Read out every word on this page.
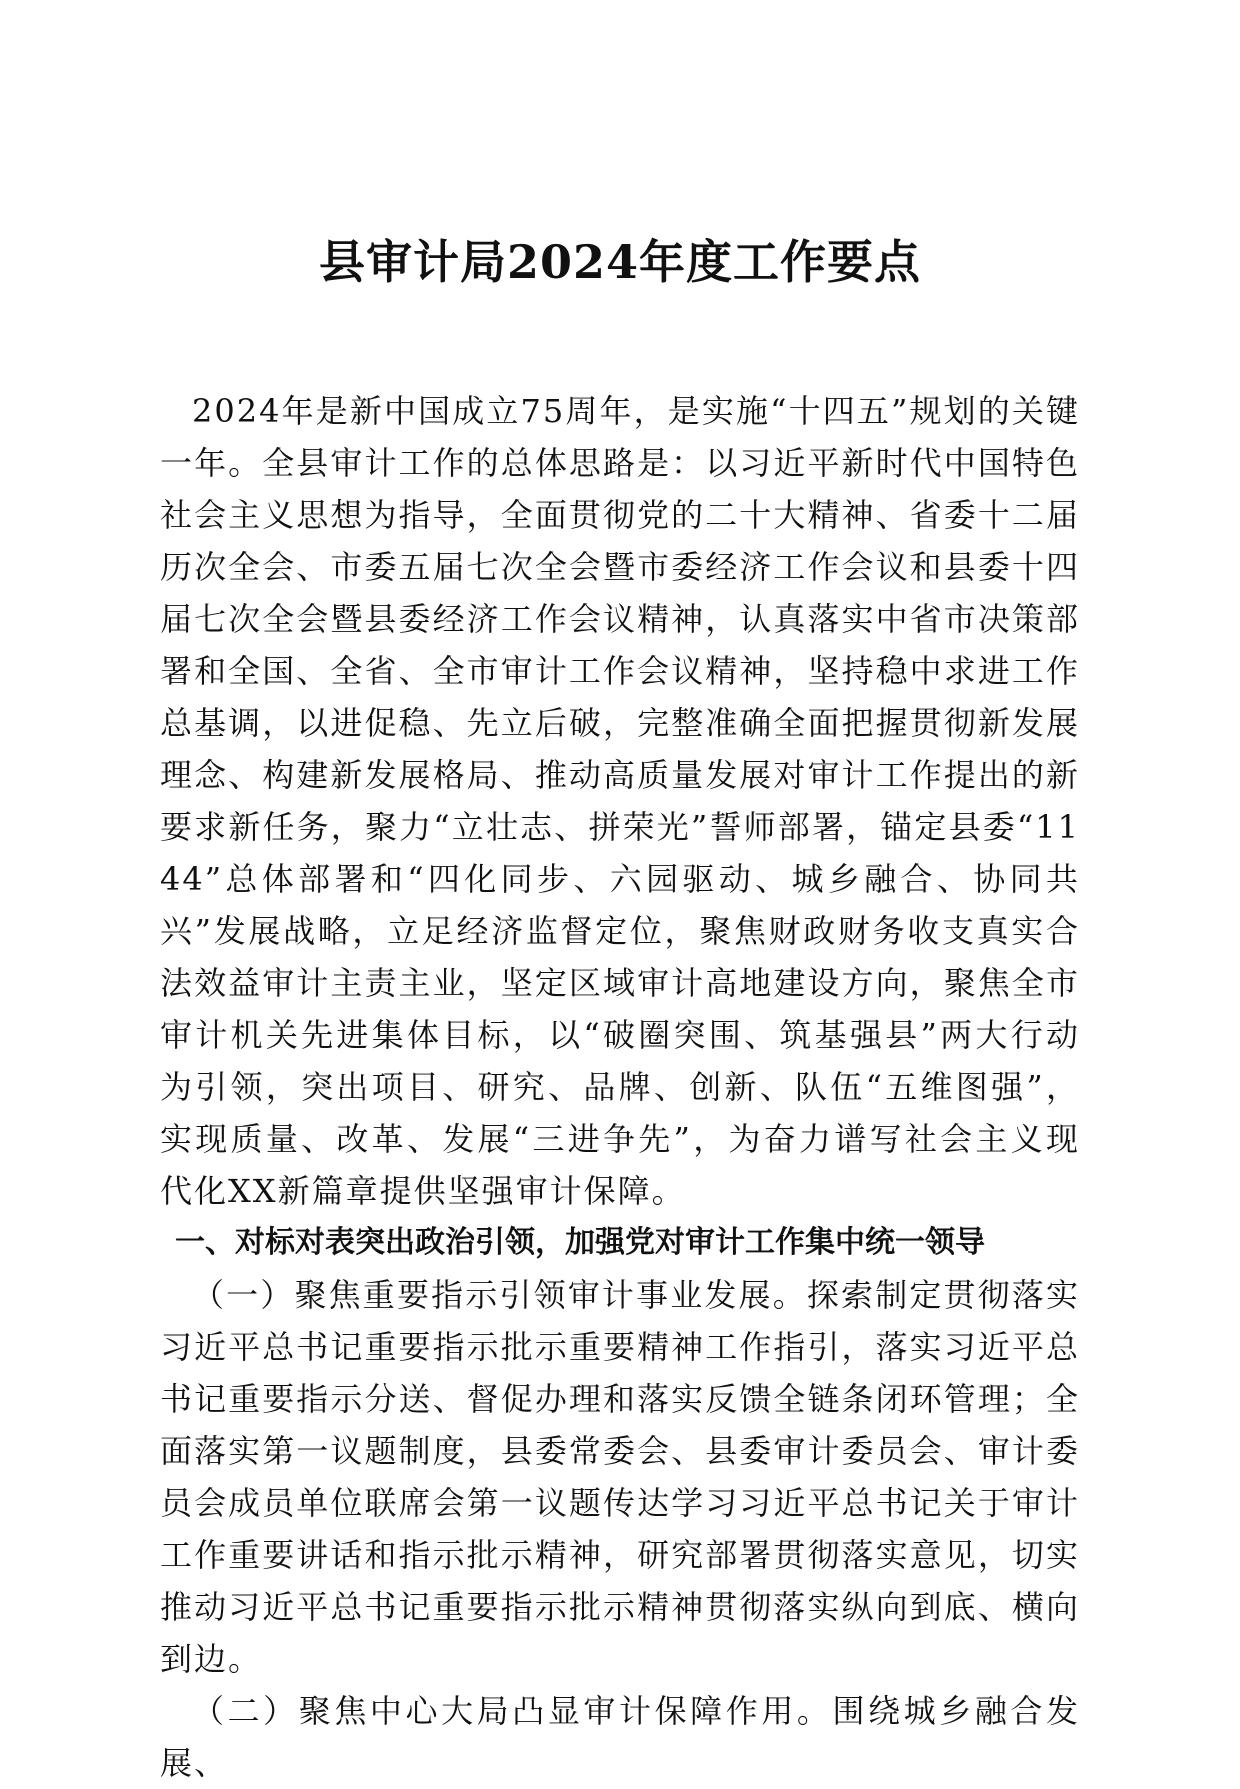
县审计局2024年度工作要点

2024年是新中国成立75周年，是实施“十四五”规划的关键一年。全县审计工作的总体思路是：以习近平新时代中国特色社会主义思想为指导，全面贯彻党的二十大精神、省委十二届历次全会、市委五届七次全会暨市委经济工作会议和县委十四届七次全会暨县委经济工作会议精神，认真落实中省市决策部署和全国、全省、全市审计工作会议精神，坚持稳中求进工作总基调，以进促稳、先立后破，完整准确全面把握贯彻新发展理念、构建新发展格局、推动高质量发展对审计工作提出的新要求新任务，聚力“立壮志、拼荣光”誓师部署，锚定县委“1144”总体部署和“四化同步、六园驱动、城乡融合、协同共兴”发展战略，立足经济监督定位，聚焦财政财务收支真实合法效益审计主责主业，坚定区域审计高地建设方向，聚焦全市审计机关先进集体目标，以“破圈突围、筑基强县”两大行动为引领，突出项目、研究、品牌、创新、队伍“五维图强”，实现质量、改革、发展“三进争先”，为奋力谱写社会主义现代化XX新篇章提供坚强审计保障。

一、对标对表突出政治引领，加强党对审计工作集中统一领导

（一）聚焦重要指示引领审计事业发展。探索制定贯彻落实习近平总书记重要指示批示重要精神工作指引，落实习近平总书记重要指示分送、督促办理和落实反馈全链条闭环管理；全面落实第一议题制度，县委常委会、县委审计委员会、审计委员会成员单位联席会第一议题传达学习习近平总书记关于审计工作重要讲话和指示批示精神，研究部署贯彻落实意见，切实推动习近平总书记重要指示批示精神贯彻落实纵向到底、横向到边。

（二）聚焦中心大局凸显审计保障作用。围绕城乡融合发展、
